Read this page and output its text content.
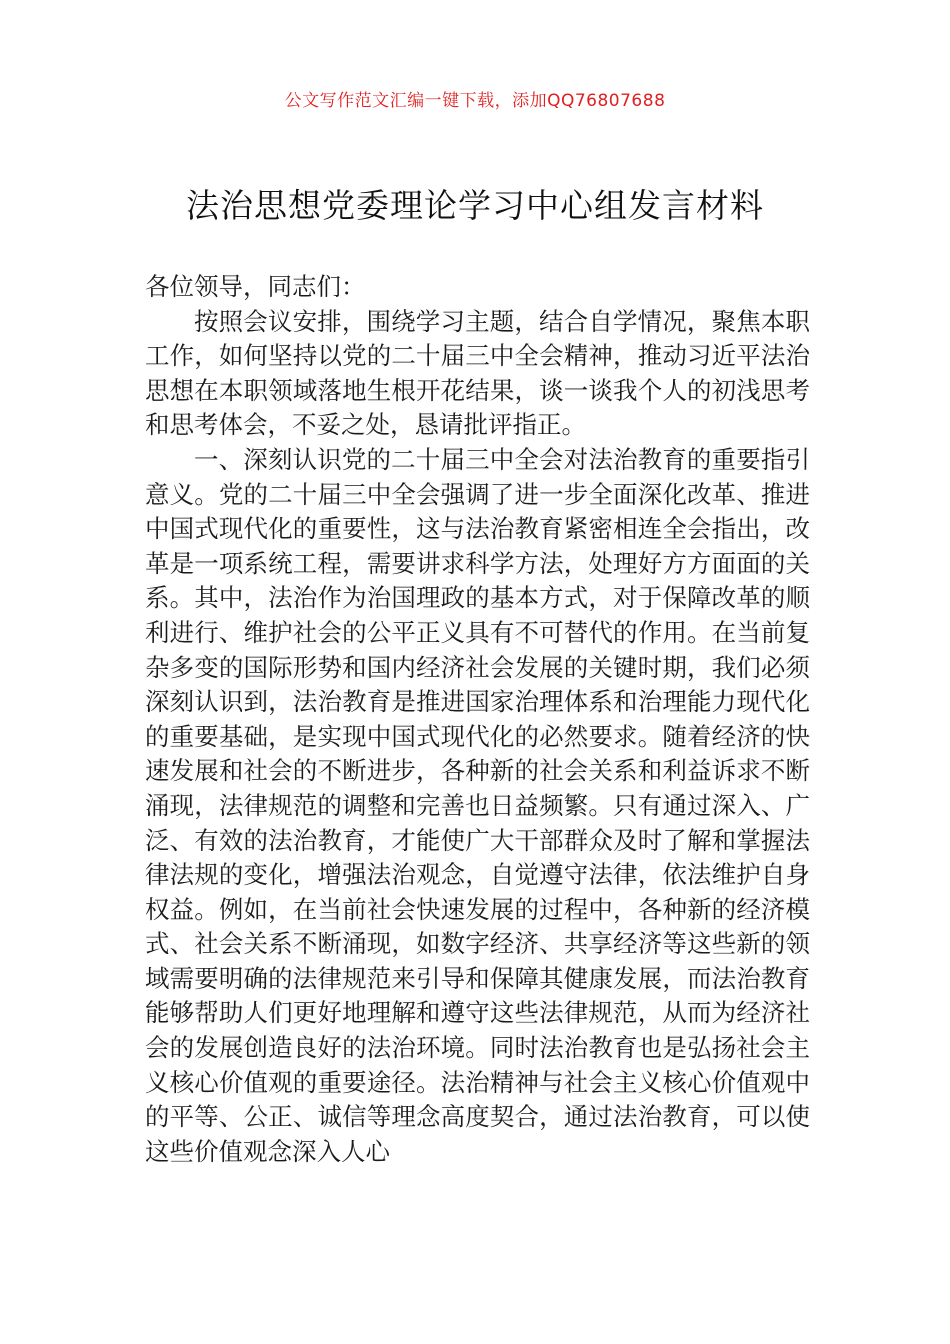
公文写作范文汇编一键下载，添加QQ76807688
法治思想党委理论学习中心组发言材料

各位领导，同志们：

按照会议安排，围绕学习主题，结合自学情况，聚焦本职工作，如何坚持以党的二十届三中全会精神，推动习近平法治思想在本职领域落地生根开花结果，谈一谈我个人的初浅思考和思考体会，不妥之处，恳请批评指正。

一、深刻认识党的二十届三中全会对法治教育的重要指引意义。党的二十届三中全会强调了进一步全面深化改革、推进中国式现代化的重要性，这与法治教育紧密相连全会指出，改革是一项系统工程，需要讲求科学方法，处理好方方面面的关系。其中，法治作为治国理政的基本方式，对于保障改革的顺利进行、维护社会的公平正义具有不可替代的作用。在当前复杂多变的国际形势和国内经济社会发展的关键时期，我们必须深刻认识到，法治教育是推进国家治理体系和治理能力现代化的重要基础，是实现中国式现代化的必然要求。随着经济的快速发展和社会的不断进步，各种新的社会关系和利益诉求不断涌现，法律规范的调整和完善也日益频繁。只有通过深入、广泛、有效的法治教育，才能使广大干部群众及时了解和掌握法律法规的变化，增强法治观念，自觉遵守法律，依法维护自身权益。例如，在当前社会快速发展的过程中，各种新的经济模式、社会关系不断涌现，如数字经济、共享经济等这些新的领域需要明确的法律规范来引导和保障其健康发展，而法治教育能够帮助人们更好地理解和遵守这些法律规范，从而为经济社会的发展创造良好的法治环境。同时法治教育也是弘扬社会主义核心价值观的重要途径。法治精神与社会主义核心价值观中的平等、公正、诚信等理念高度契合，通过法治教育，可以使这些价值观念深入人心
